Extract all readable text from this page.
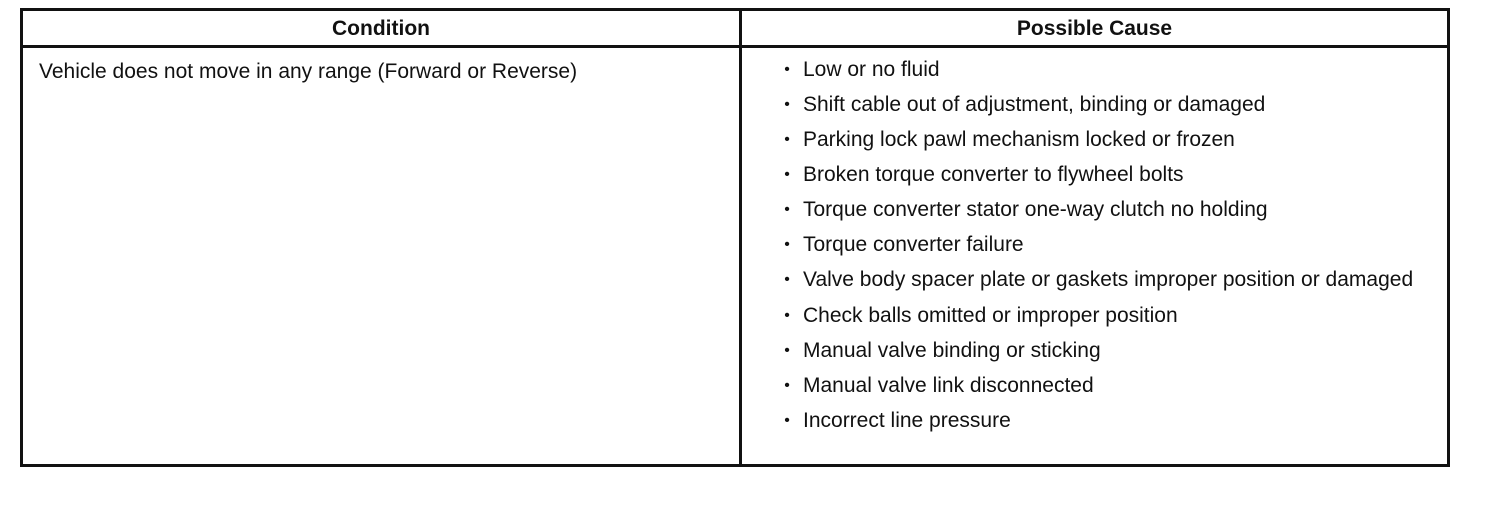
Condition	Possible Cause
Vehicle does not move in any range (Forward or Reverse)	• Low or no fluid
• Shift cable out of adjustment, binding or damaged
• Parking lock pawl mechanism locked or frozen
• Broken torque converter to flywheel bolts
• Torque converter stator one-way clutch no holding
• Torque converter failure
• Valve body spacer plate or gaskets improper position or damaged
• Check balls omitted or improper position
• Manual valve binding or sticking
• Manual valve link disconnected
• Incorrect line pressure
